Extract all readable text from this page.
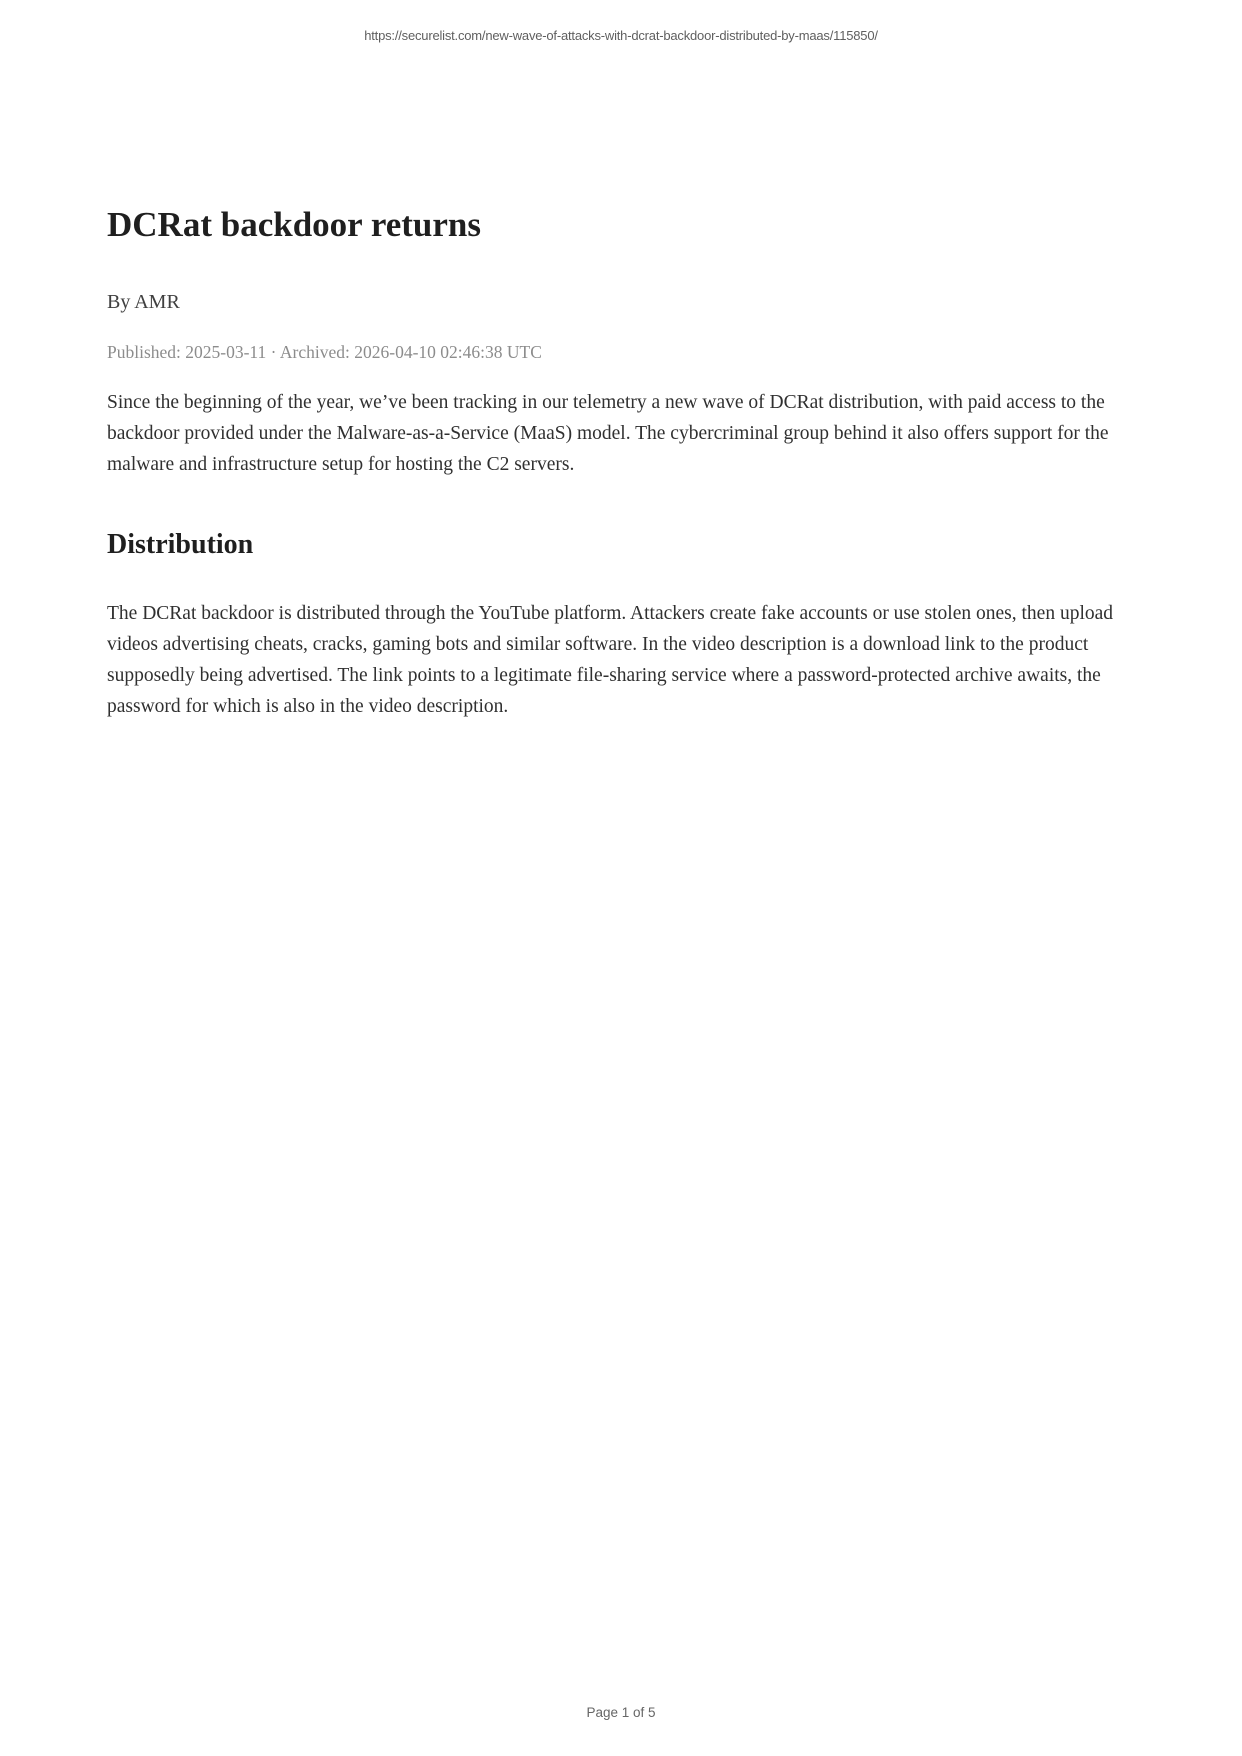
https://securelist.com/new-wave-of-attacks-with-dcrat-backdoor-distributed-by-maas/115850/
DCRat backdoor returns
By AMR
Published: 2025-03-11 · Archived: 2026-04-10 02:46:38 UTC

Since the beginning of the year, we’ve been tracking in our telemetry a new wave of DCRat distribution, with paid access to the backdoor provided under the Malware-as-a-Service (MaaS) model. The cybercriminal group behind it also offers support for the malware and infrastructure setup for hosting the C2 servers.

Distribution

The DCRat backdoor is distributed through the YouTube platform. Attackers create fake accounts or use stolen ones, then upload videos advertising cheats, cracks, gaming bots and similar software. In the video description is a download link to the product supposedly being advertised. The link points to a legitimate file-sharing service where a password-protected archive awaits, the password for which is also in the video description.

Page 1 of 5
